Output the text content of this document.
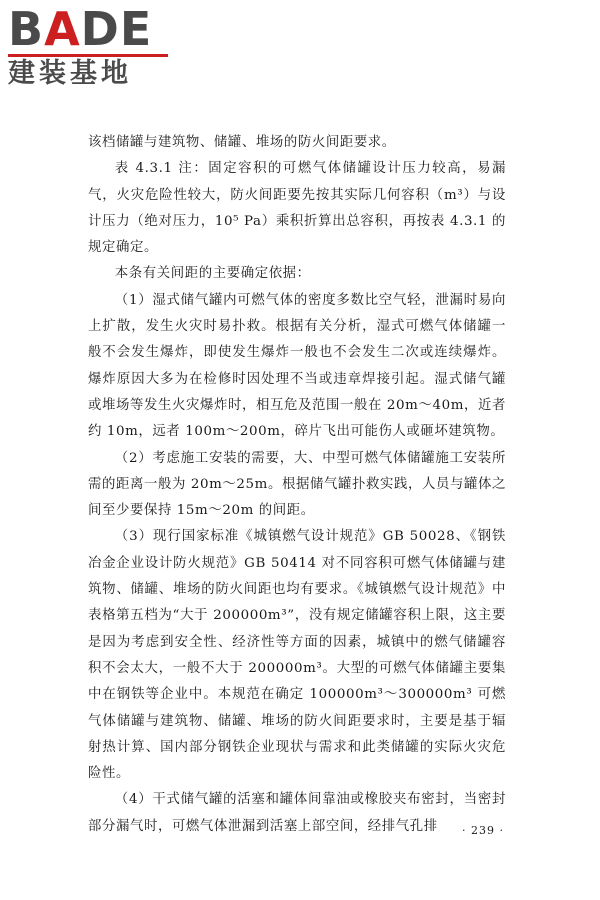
BADE
建装基地

该档储罐与建筑物、储罐、堆场的防火间距要求。

表 4.3.1 注：固定容积的可燃气体储罐设计压力较高，易漏气，火灾危险性较大，防火间距要先按其实际几何容积（m³）与设计压力（绝对压力，10⁵ Pa）乘积折算出总容积，再按表 4.3.1 的规定确定。

本条有关间距的主要确定依据：

（1）湿式储气罐内可燃气体的密度多数比空气轻，泄漏时易向上扩散，发生火灾时易扑救。根据有关分析，湿式可燃气体储罐一般不会发生爆炸，即使发生爆炸一般也不会发生二次或连续爆炸。爆炸原因大多为在检修时因处理不当或违章焊接引起。湿式储气罐或堆场等发生火灾爆炸时，相互危及范围一般在 20m～40m，近者约 10m，远者 100m～200m，碎片飞出可能伤人或砸坏建筑物。

（2）考虑施工安装的需要，大、中型可燃气体储罐施工安装所需的距离一般为 20m～25m。根据储气罐扑救实践，人员与罐体之间至少要保持 15m～20m 的间距。

（3）现行国家标准《城镇燃气设计规范》GB 50028、《钢铁冶金企业设计防火规范》GB 50414 对不同容积可燃气体储罐与建筑物、储罐、堆场的防火间距也均有要求。《城镇燃气设计规范》中表格第五档为“大于 200000m³”，没有规定储罐容积上限，这主要是因为考虑到安全性、经济性等方面的因素，城镇中的燃气储罐容积不会太大，一般不大于 200000m³。大型的可燃气体储罐主要集中在钢铁等企业中。本规范在确定 100000m³～300000m³ 可燃气体储罐与建筑物、储罐、堆场的防火间距要求时，主要是基于辐射热计算、国内部分钢铁企业现状与需求和此类储罐的实际火灾危险性。

（4）干式储气罐的活塞和罐体间靠油或橡胶夹布密封，当密封部分漏气时，可燃气体泄漏到活塞上部空间，经排气孔排	· 239 ·
